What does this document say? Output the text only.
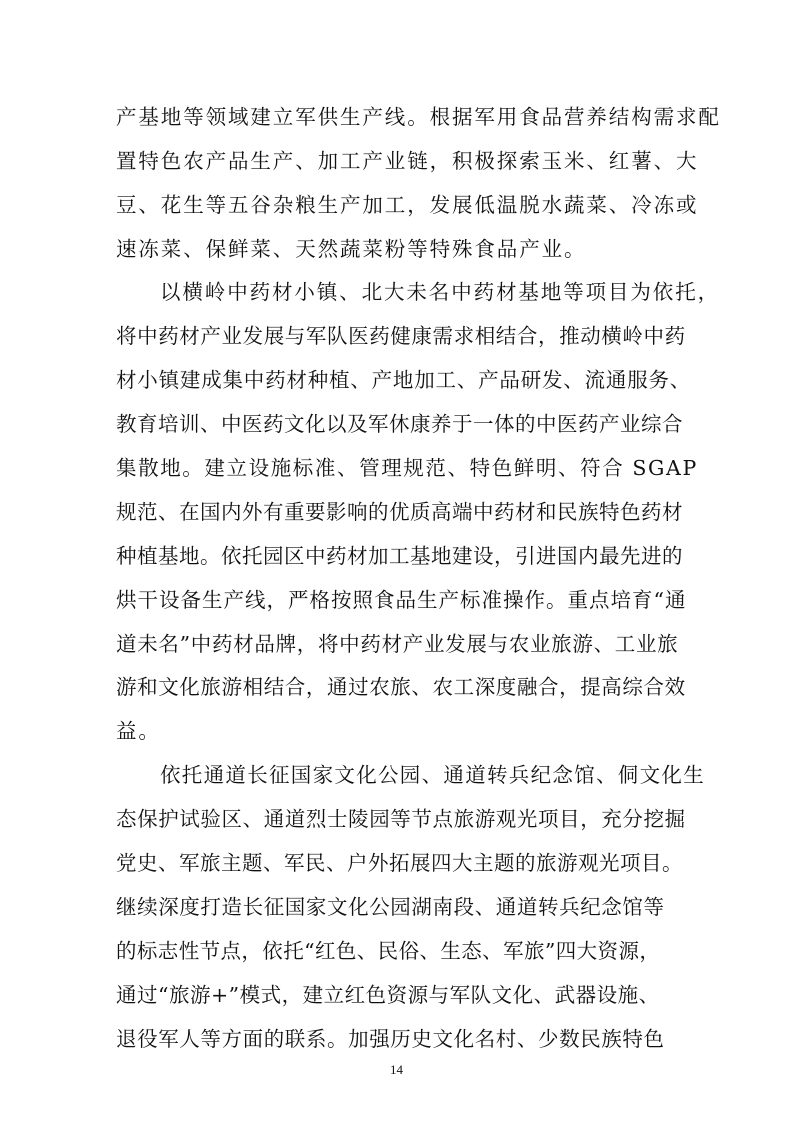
产基地等领域建立军供生产线。根据军用食品营养结构需求配
置特色农产品生产、加工产业链，积极探索玉米、红薯、大
豆、花生等五谷杂粮生产加工，发展低温脱水蔬菜、冷冻或
速冻菜、保鲜菜、天然蔬菜粉等特殊食品产业。
以横岭中药材小镇、北大未名中药材基地等项目为依托，
将中药材产业发展与军队医药健康需求相结合，推动横岭中药
材小镇建成集中药材种植、产地加工、产品研发、流通服务、
教育培训、中医药文化以及军休康养于一体的中医药产业综合
集散地。建立设施标准、管理规范、特色鲜明、符合 SGAP
规范、在国内外有重要影响的优质高端中药材和民族特色药材
种植基地。依托园区中药材加工基地建设，引进国内最先进的
烘干设备生产线，严格按照食品生产标准操作。重点培育“通
道未名”中药材品牌，将中药材产业发展与农业旅游、工业旅
游和文化旅游相结合，通过农旅、农工深度融合，提高综合效
益。
依托通道长征国家文化公园、通道转兵纪念馆、侗文化生
态保护试验区、通道烈士陵园等节点旅游观光项目，充分挖掘
党史、军旅主题、军民、户外拓展四大主题的旅游观光项目。
继续深度打造长征国家文化公园湖南段、通道转兵纪念馆等
的标志性节点，依托“红色、民俗、生态、军旅”四大资源，
通过“旅游+”模式，建立红色资源与军队文化、武器设施、
退役军人等方面的联系。加强历史文化名村、少数民族特色
14
